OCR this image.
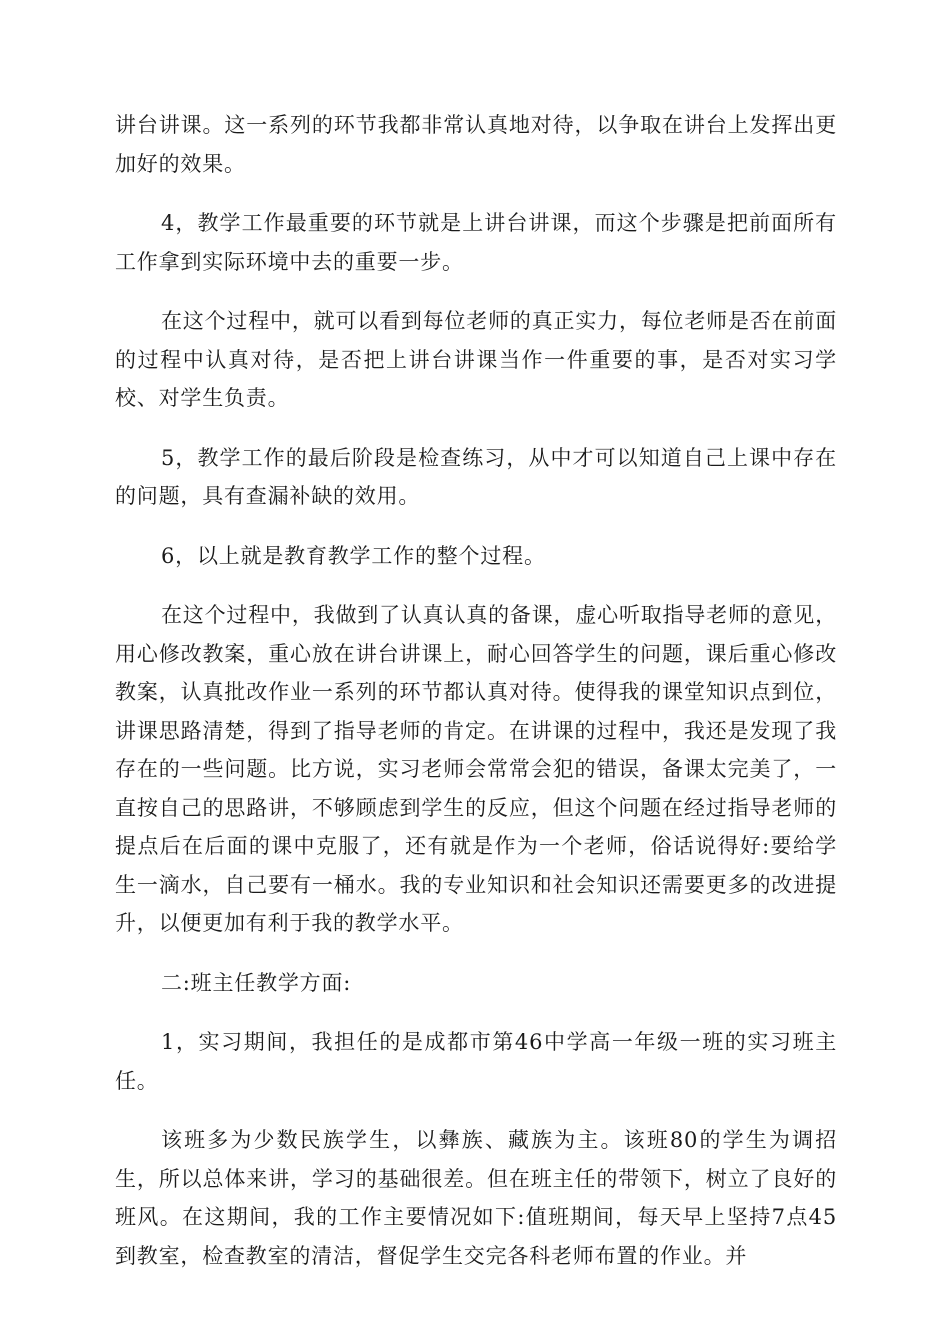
讲台讲课。这一系列的环节我都非常认真地对待，以争取在讲台上发挥出更加好的效果。

4，教学工作最重要的环节就是上讲台讲课，而这个步骤是把前面所有工作拿到实际环境中去的重要一步。

在这个过程中，就可以看到每位老师的真正实力，每位老师是否在前面的过程中认真对待，是否把上讲台讲课当作一件重要的事，是否对实习学校、对学生负责。

5，教学工作的最后阶段是检查练习，从中才可以知道自己上课中存在的问题，具有查漏补缺的效用。

6，以上就是教育教学工作的整个过程。

在这个过程中，我做到了认真认真的备课，虚心听取指导老师的意见，用心修改教案，重心放在讲台讲课上，耐心回答学生的问题，课后重心修改教案，认真批改作业一系列的环节都认真对待。使得我的课堂知识点到位，讲课思路清楚，得到了指导老师的肯定。在讲课的过程中，我还是发现了我存在的一些问题。比方说，实习老师会常常会犯的错误，备课太完美了，一直按自己的思路讲，不够顾虑到学生的反应，但这个问题在经过指导老师的提点后在后面的课中克服了，还有就是作为一个老师，俗话说得好:要给学生一滴水，自己要有一桶水。我的专业知识和社会知识还需要更多的改进提升，以便更加有利于我的教学水平。

二:班主任教学方面:

1，实习期间，我担任的是成都市第46中学高一年级一班的实习班主任。

该班多为少数民族学生，以彝族、藏族为主。该班80的学生为调招生，所以总体来讲，学习的基础很差。但在班主任的带领下，树立了良好的班风。在这期间，我的工作主要情况如下:值班期间，每天早上坚持7点45到教室，检查教室的清洁，督促学生交完各科老师布置的作业。并
